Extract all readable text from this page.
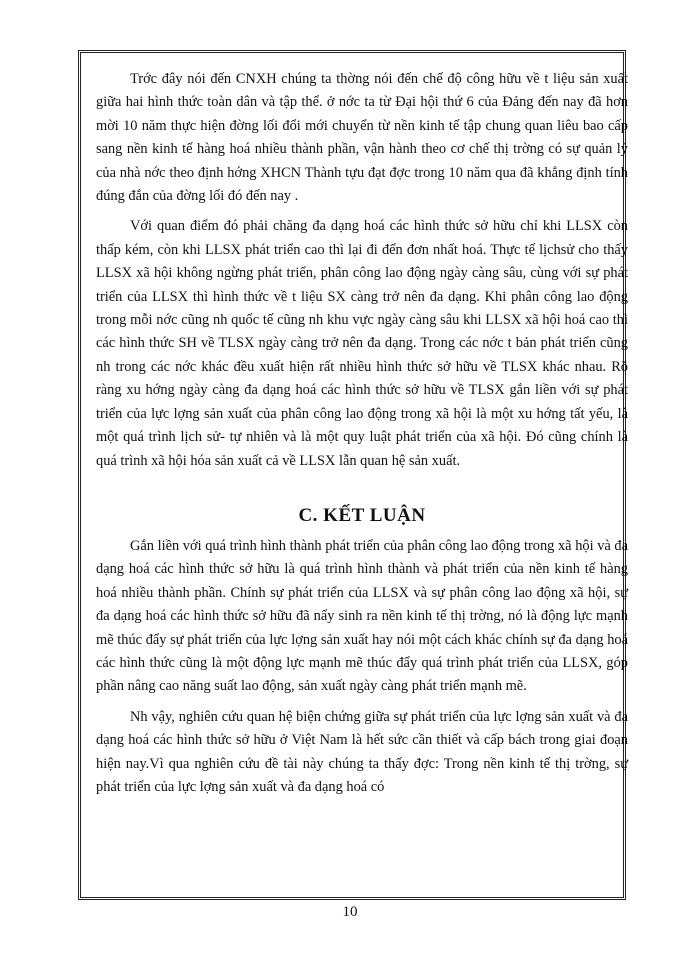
Trớc đây nói đến CNXH chúng ta thờng nói đến chế độ công hữu về t liệu sản xuất giữa hai hình thức toàn dân và tập thể. ở nớc ta từ Đại hội thứ 6 của Đảng đến nay đã hơn mời 10 năm thực hiện đờng lối đổi mới chuyển từ nền kinh tế tập chung quan liêu bao cấp sang nền kinh tế hàng hoá nhiều thành phần, vận hành theo cơ chế thị trờng có sự quản lý của nhà nớc theo định hớng XHCN Thành tựu đạt đợc trong 10 năm qua đã khẳng định tính đúng đắn của đờng lối đó đến nay .

Với quan điểm đó phải chăng đa dạng hoá các hình thức sở hữu chỉ khi LLSX còn thấp kém, còn khi LLSX phát triển cao thì lại đi đến đơn nhất hoá. Thực tế lịchsử cho thấy LLSX xã hội không ngừng phát triển, phân công lao động ngày càng sâu, cùng với sự phát triển của LLSX thì hình thức về t liệu SX càng trở nên đa dạng. Khi phân công lao động trong mỗi nớc cũng nh quốc tế cũng nh khu vực ngày càng sâu khi LLSX xã hội hoá cao thì các hình thức SH về TLSX ngày càng trở nên đa dạng. Trong các nớc t bản phát triển cũng nh trong các nớc khác đều xuất hiện rất nhiều hình thức sở hữu về TLSX khác nhau. Rõ ràng xu hớng ngày càng đa dạng hoá các hình thức sở hữu về TLSX gắn liền với sự phát triển của lực lợng sản xuất của phân công lao động trong xã hội là một xu hớng tất yếu, là một quá trình lịch sử- tự nhiên và là một quy luật phát triển của xã hội. Đó cũng chính là quá trình xã hội hóa sản xuất cả về LLSX lẫn quan hệ sản xuất.

C. KẾT LUẬN

Gắn liền với quá trình hình thành phát triển của phân công lao động trong xã hội và đa dạng hoá các hình thức sở hữu là quá trình hình thành và phát triển của nền kinh tế hàng hoá nhiều thành phần. Chính sự phát triển của LLSX và sự phân công lao động xã hội, sự đa dạng hoá các hình thức sở hữu đã nẩy sinh ra nền kinh tế thị trờng, nó là động lực mạnh mẽ thúc đẩy sự phát triển của lực lợng sản xuất hay nói một cách khác chính sự đa dạng hoá các hình thức cũng là một động lực mạnh mẽ thúc đẩy quá trình phát triển của LLSX, góp phần nâng cao năng suất lao động, sản xuất ngày càng phát triển mạnh mẽ.

Nh vậy, nghiên cứu quan hệ biện chứng giữa sự phát triển của lực lợng sản xuất và đa dạng hoá các hình thức sở hữu ở Việt Nam là hết sức cần thiết và cấp bách trong giai đoạn hiện nay.Vì qua nghiên cứu đề tài này chúng ta thấy đợc: Trong nền kinh tế thị trờng, sự phát triển của lực lợng sản xuất và đa dạng hoá có

10
